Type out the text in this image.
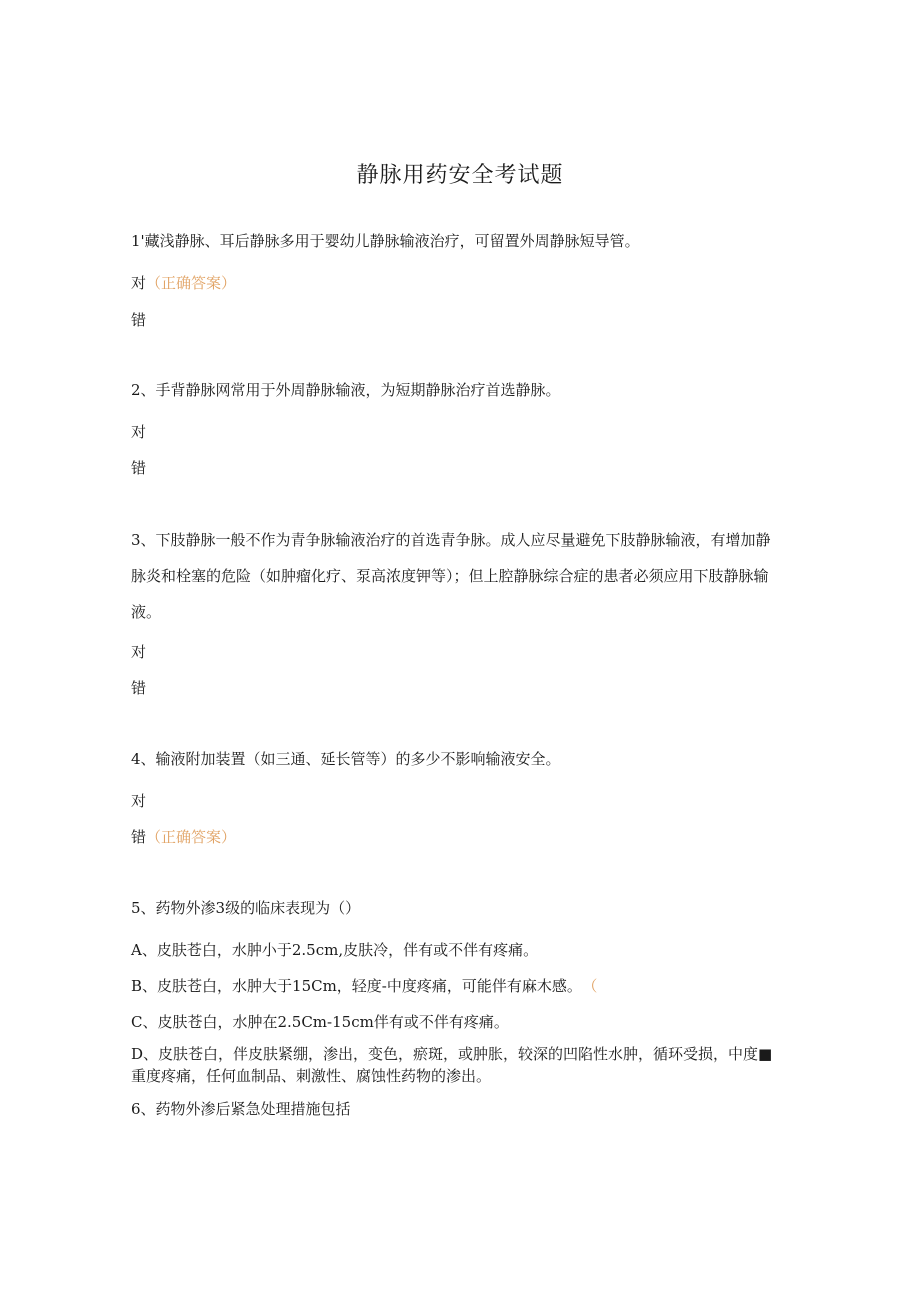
静脉用药安全考试题
1'藏浅静脉、耳后静脉多用于婴幼儿静脉输液治疗，可留置外周静脉短导管。
对（正确答案）
错
2、手背静脉网常用于外周静脉输液，为短期静脉治疗首选静脉。
对
错
3、下肢静脉一般不作为青争脉输液治疗的首选青争脉。成人应尽量避免下肢静脉输液，有增加静脉炎和栓塞的危险（如肿瘤化疗、泵高浓度钾等）；但上腔静脉综合症的患者必须应用下肢静脉输液。
对
错
4、输液附加装置（如三通、延长管等）的多少不影响输液安全。
对
错（正确答案）
5、药物外渗3级的临床表现为（）
A、皮肤苍白，水肿小于2.5cm,皮肤冷，伴有或不伴有疼痛。
B、皮肤苍白，水肿大于15Cm，轻度-中度疼痛，可能伴有麻木感。 （
C、皮肤苍白，水肿在2.5Cm-15cm伴有或不伴有疼痛。
D、皮肤苍白，伴皮肤紧绷，渗出，变色，瘀斑，或肿胀，较深的凹陷性水肿，循环受损，中度■重度疼痛，任何血制品、刺激性、腐蚀性药物的渗出。
6、药物外渗后紧急处理措施包括
